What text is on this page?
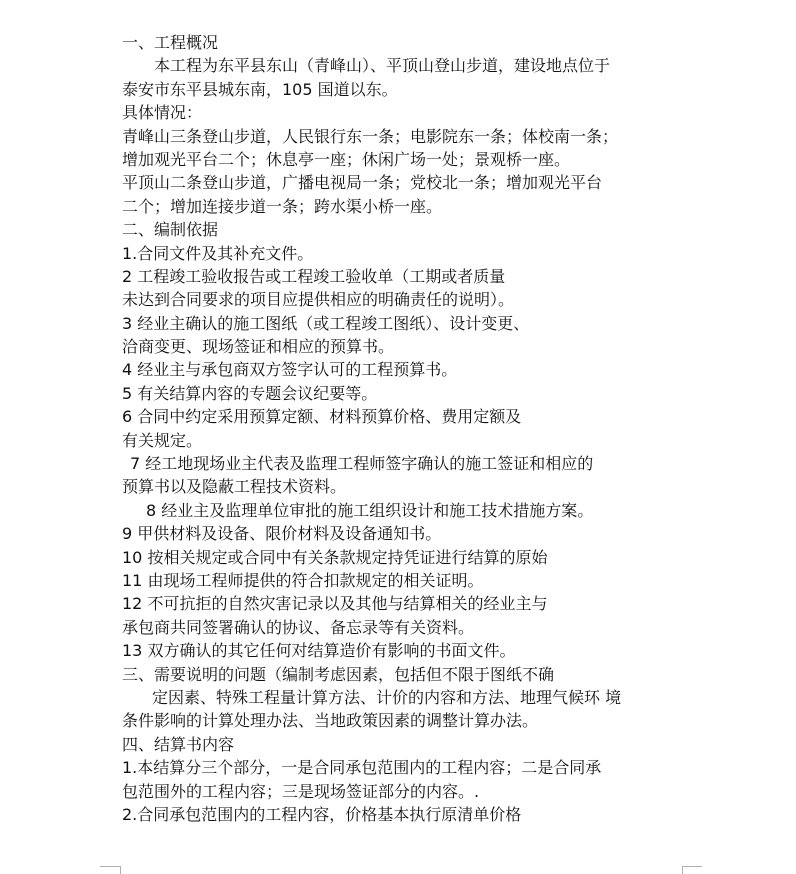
一、工程概况
本工程为东平县东山（青峰山）、平顶山登山步道，建设地点位于
泰安市东平县城东南，105 国道以东。
具体情况：
青峰山三条登山步道，人民银行东一条；电影院东一条；体校南一条；
增加观光平台二个；休息亭一座；休闲广场一处；景观桥一座。
平顶山二条登山步道，广播电视局一条；党校北一条；增加观光平台
二个；增加连接步道一条；跨水渠小桥一座。
二、编制依据
1.合同文件及其补充文件。
2 工程竣工验收报告或工程竣工验收单（工期或者质量
未达到合同要求的项目应提供相应的明确责任的说明）。
3 经业主确认的施工图纸（或工程竣工图纸）、设计变更、
洽商变更、现场签证和相应的预算书。
4 经业主与承包商双方签字认可的工程预算书。
5 有关结算内容的专题会议纪要等。
6 合同中约定采用预算定额、材料预算价格、费用定额及
有关规定。
7 经工地现场业主代表及监理工程师签字确认的施工签证和相应的
预算书以及隐蔽工程技术资料。
8 经业主及监理单位审批的施工组织设计和施工技术措施方案。
9 甲供材料及设备、限价材料及设备通知书。
10 按相关规定或合同中有关条款规定持凭证进行结算的原始
11 由现场工程师提供的符合扣款规定的相关证明。
12 不可抗拒的自然灾害记录以及其他与结算相关的经业主与
承包商共同签署确认的协议、备忘录等有关资料。
13 双方确认的其它任何对结算造价有影响的书面文件。
三、需要说明的问题（编制考虑因素，包括但不限于图纸不确
定因素、特殊工程量计算方法、计价的内容和方法、地理气候环 境
条件影响的计算处理办法、当地政策因素的调整计算办法。
四、结算书内容
1.本结算分三个部分，一是合同承包范围内的工程内容；二是合同承
包范围外的工程内容；三是现场签证部分的内容。.
2.合同承包范围内的工程内容，价格基本执行原清单价格
